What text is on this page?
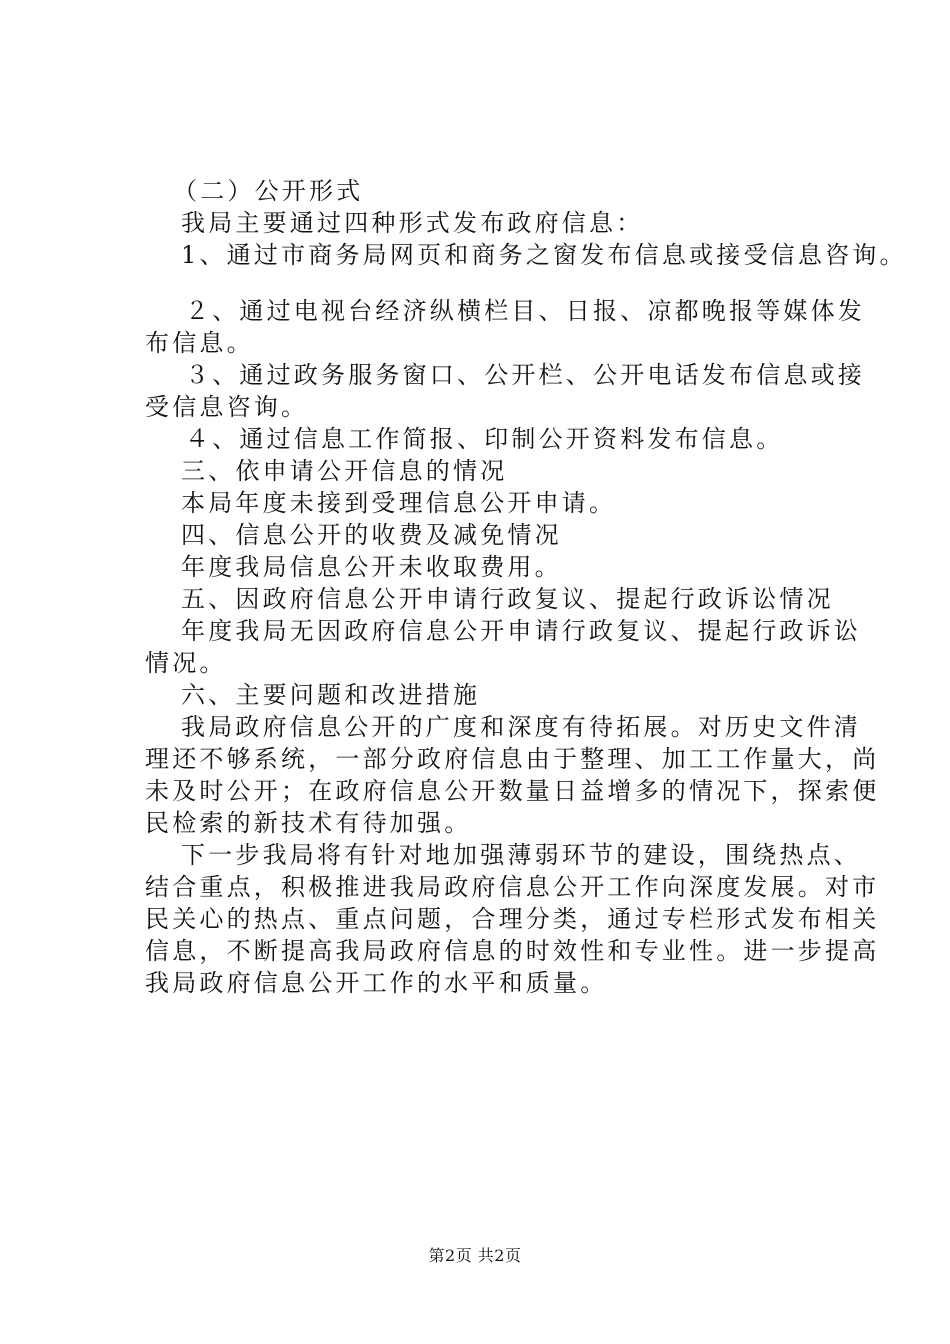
（二）公开形式
我局主要通过四种形式发布政府信息：
1、通过市商务局网页和商务之窗发布信息或接受信息咨询。
２、通过电视台经济纵横栏目、日报、凉都晚报等媒体发
布信息。
３、通过政务服务窗口、公开栏、公开电话发布信息或接
受信息咨询。
４、通过信息工作简报、印制公开资料发布信息。
三、依申请公开信息的情况
本局年度未接到受理信息公开申请。
四、信息公开的收费及减免情况
年度我局信息公开未收取费用。
五、因政府信息公开申请行政复议、提起行政诉讼情况
年度我局无因政府信息公开申请行政复议、提起行政诉讼
情况。
六、主要问题和改进措施
我局政府信息公开的广度和深度有待拓展。对历史文件清
理还不够系统，一部分政府信息由于整理、加工工作量大，尚
未及时公开；在政府信息公开数量日益增多的情况下，探索便
民检索的新技术有待加强。
下一步我局将有针对地加强薄弱环节的建设，围绕热点、
结合重点，积极推进我局政府信息公开工作向深度发展。对市
民关心的热点、重点问题，合理分类，通过专栏形式发布相关
信息，不断提高我局政府信息的时效性和专业性。进一步提高
我局政府信息公开工作的水平和质量。
第2页 共2页
